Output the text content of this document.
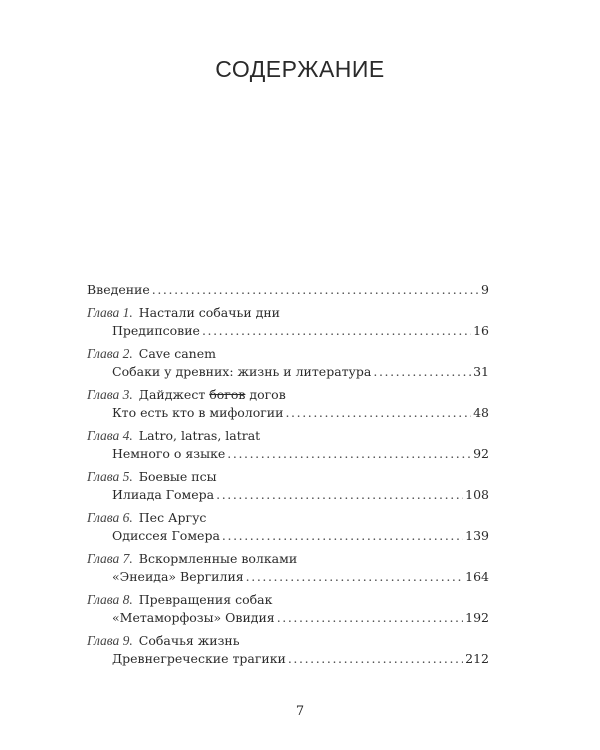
СОДЕРЖАНИЕ
Введение .....	9
Глава 1. Настали собачьи дни
Предипсовие .....	16
Глава 2. Cave canem
Собаки у древних: жизнь и литература .....	31
Глава 3. Дайджест
богов
догов
Кто есть кто в мифологии .....	48
Глава 4. Latro, latras, latrat
Немного о языке .....	92
Глава 5. Боевые псы
Илиада Гомера .....	108
Глава 6. Пес Аргус
Одиссея Гомера .....	139
Глава 7. Вскормленные волками
«Энеида» Вергилия .....	164
Глава 8. Превращения собак
«Метаморфозы» Овидия .....	192
Глава 9. Собачья жизнь
Древнегреческие трагики .....	212
7
